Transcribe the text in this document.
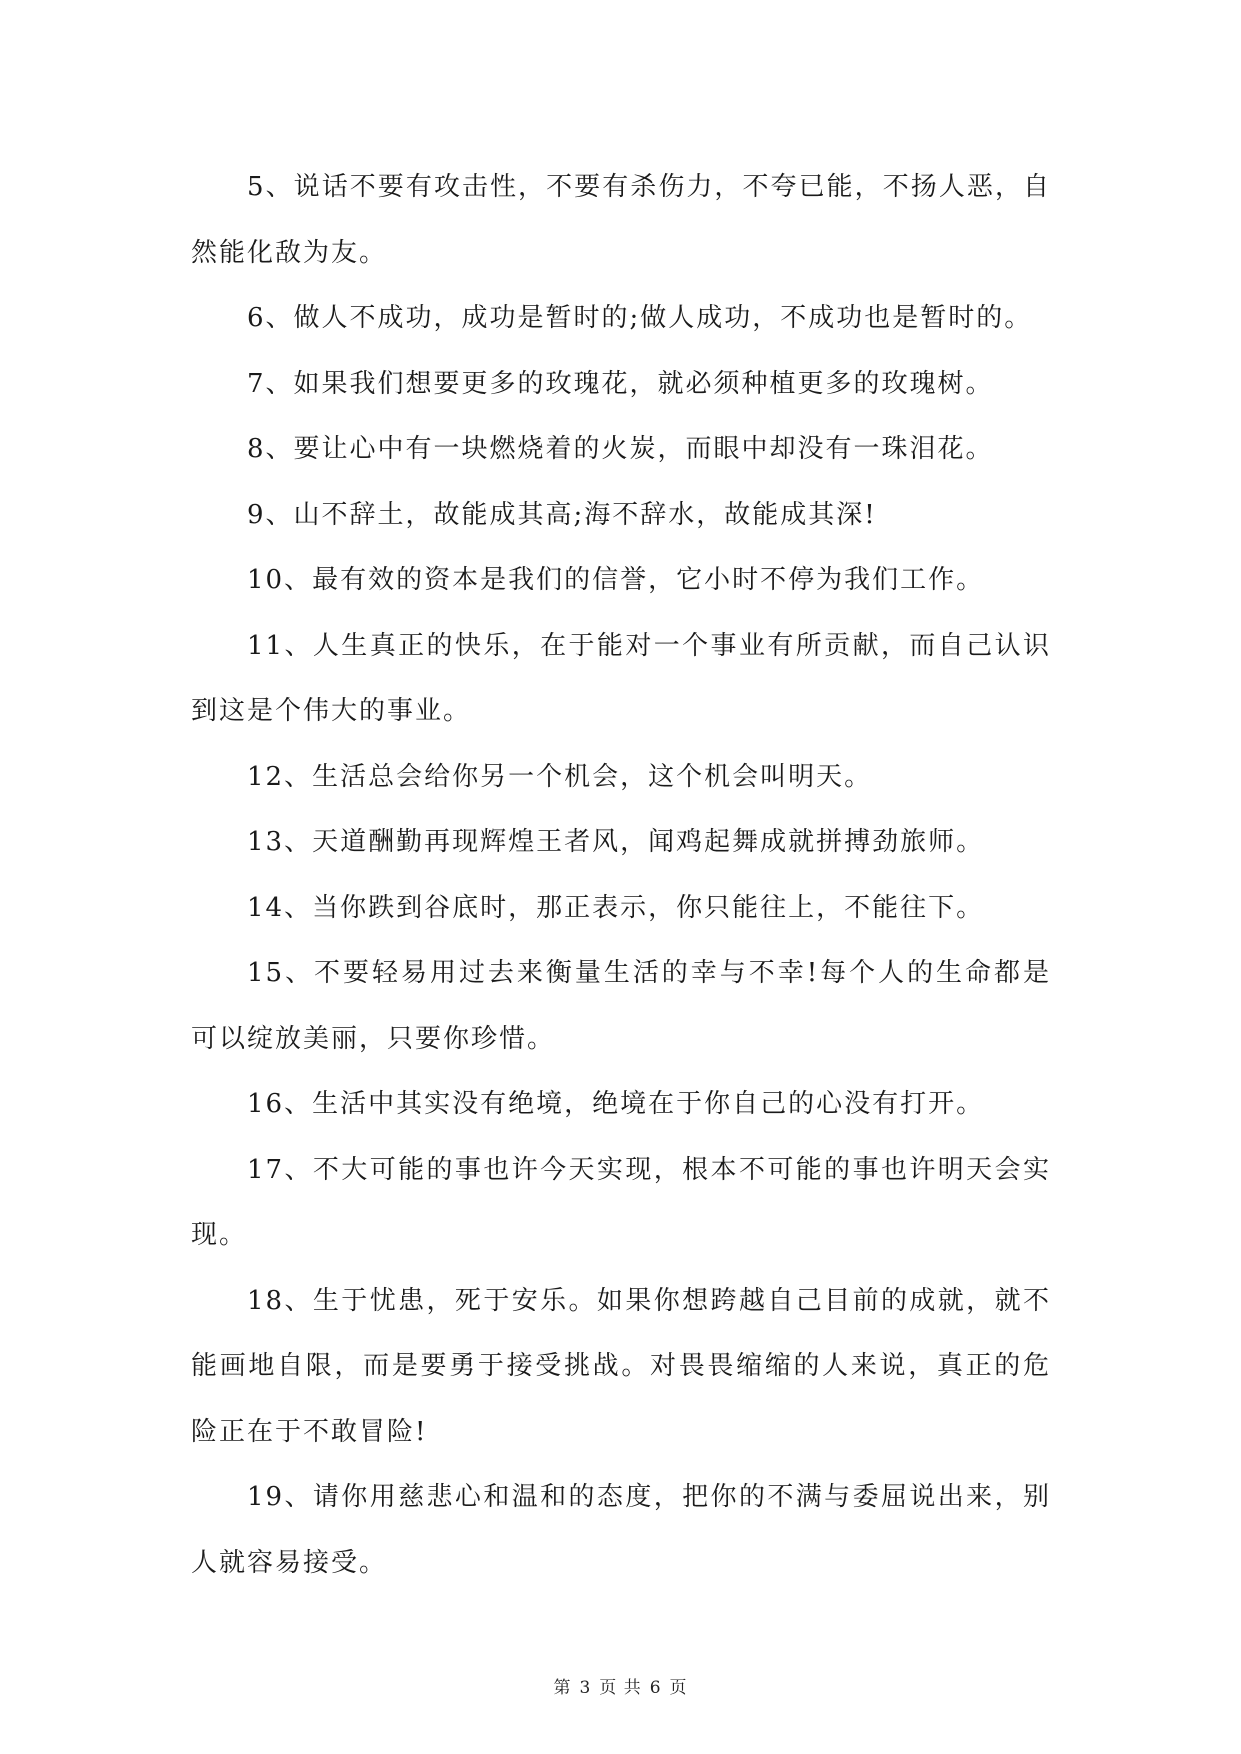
5、说话不要有攻击性，不要有杀伤力，不夸已能，不扬人恶，自然能化敌为友。

6、做人不成功，成功是暂时的;做人成功，不成功也是暂时的。

7、如果我们想要更多的玫瑰花，就必须种植更多的玫瑰树。

8、要让心中有一块燃烧着的火炭，而眼中却没有一珠泪花。

9、山不辞土，故能成其高;海不辞水，故能成其深!

10、最有效的资本是我们的信誉，它小时不停为我们工作。

11、人生真正的快乐，在于能对一个事业有所贡献，而自己认识到这是个伟大的事业。

12、生活总会给你另一个机会，这个机会叫明天。

13、天道酬勤再现辉煌王者风，闻鸡起舞成就拼搏劲旅师。

14、当你跌到谷底时，那正表示，你只能往上，不能往下。

15、不要轻易用过去来衡量生活的幸与不幸!每个人的生命都是可以绽放美丽，只要你珍惜。

16、生活中其实没有绝境，绝境在于你自己的心没有打开。

17、不大可能的事也许今天实现，根本不可能的事也许明天会实现。

18、生于忧患，死于安乐。如果你想跨越自己目前的成就，就不能画地自限，而是要勇于接受挑战。对畏畏缩缩的人来说，真正的危险正在于不敢冒险!

19、请你用慈悲心和温和的态度，把你的不满与委屈说出来，别人就容易接受。

第 3 页 共 6 页
